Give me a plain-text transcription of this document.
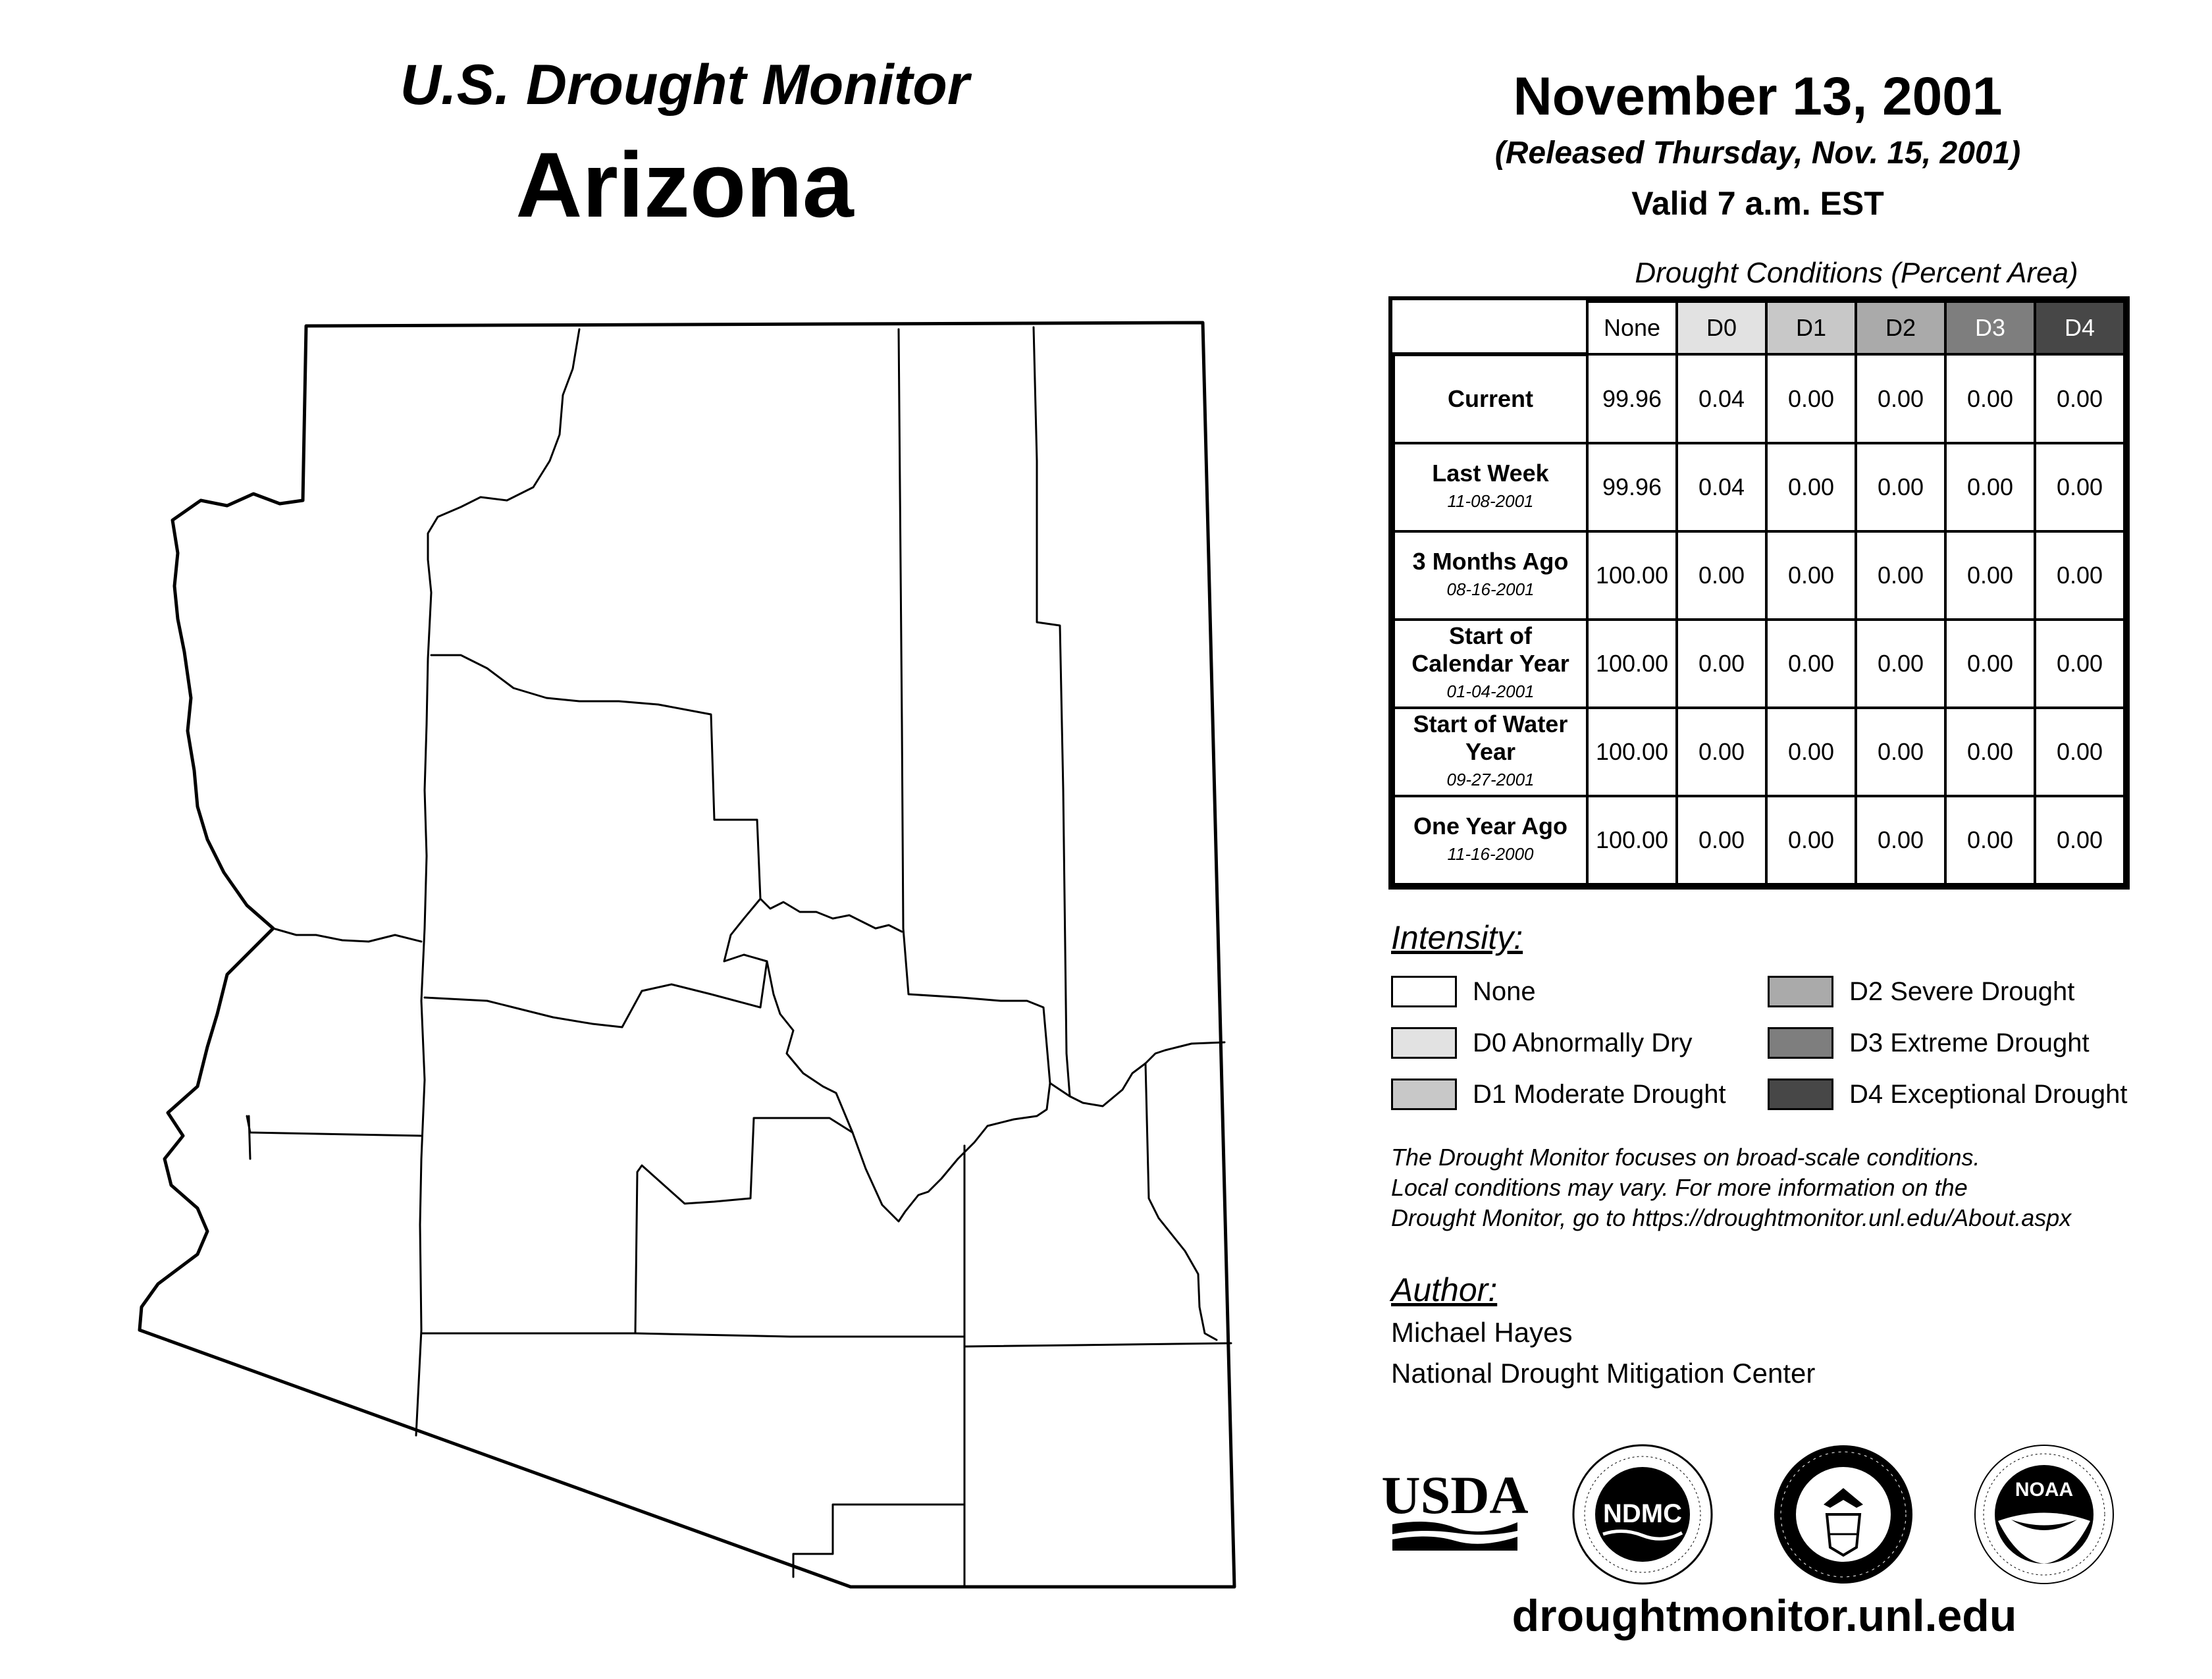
U.S. Drought Monitor
Arizona
November 13, 2001
(Released Thursday, Nov. 15, 2001)
Valid 7 a.m. EST
Drought Conditions (Percent Area)
	None	D0	D1	D2	D3	D4
Current	99.96	0.04	0.00	0.00	0.00	0.00
Last Week
11-08-2001	99.96	0.04	0.00	0.00	0.00	0.00
3 Months Ago
08-16-2001	100.00	0.00	0.00	0.00	0.00	0.00
Start of Calendar Year
01-04-2001	100.00	0.00	0.00	0.00	0.00	0.00
Start of Water Year
09-27-2001	100.00	0.00	0.00	0.00	0.00	0.00
One Year Ago
11-16-2000	100.00	0.00	0.00	0.00	0.00	0.00
Intensity:
None
D0 Abnormally Dry
D1 Moderate Drought
D2 Severe Drought
D3 Extreme Drought
D4 Exceptional Drought
The Drought Monitor focuses on broad-scale conditions.
Local conditions may vary. For more information on the
Drought Monitor, go to https://droughtmonitor.unl.edu/About.aspx
Author:
Michael Hayes
National Drought Mitigation Center
USDA	NDMC
NOAA
droughtmonitor.unl.edu
